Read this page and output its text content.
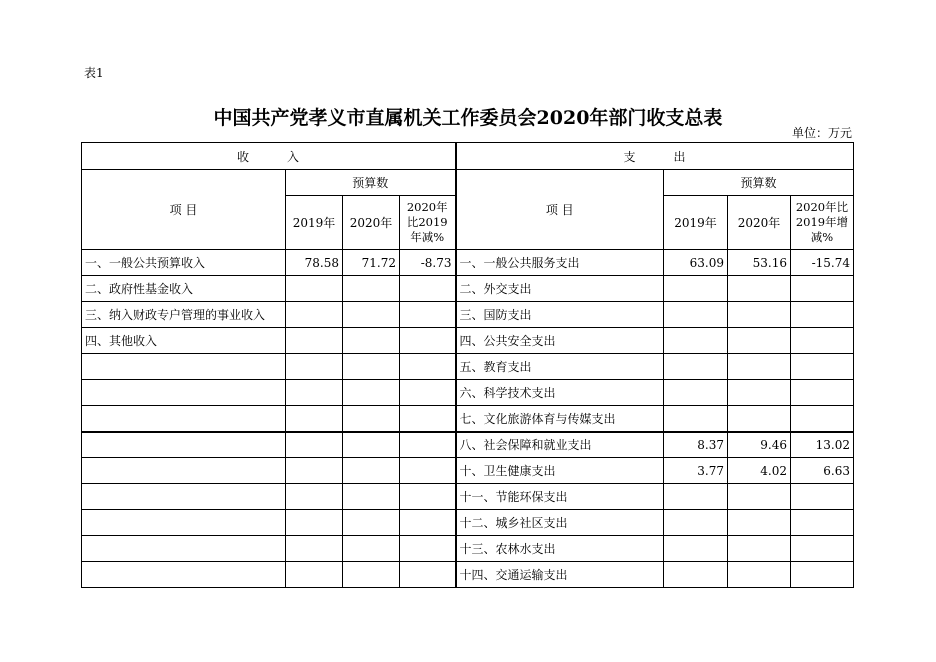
表1
中国共产党孝义市直属机关工作委员会2020年部门收支总表
单位：万元
收　　　入				支　　　出			
项 目	预算数			项 目	预算数		
	2019年	2020年	2020年比2019年减%		2019年	2020年	2020年比2019年增减%
一、一般公共预算收入	78.58	71.72	-8.73	一、一般公共服务支出	63.09	53.16	-15.74
二、政府性基金收入				二、外交支出			
三、纳入财政专户管理的事业收入				三、国防支出			
四、其他收入				四、公共安全支出			
				五、教育支出			
				六、科学技术支出			
				七、文化旅游体育与传媒支出			
				八、社会保障和就业支出	8.37	9.46	13.02
				十、卫生健康支出	3.77	4.02	6.63
				十一、节能环保支出			
				十二、城乡社区支出			
				十三、农林水支出			
				十四、交通运输支出			
